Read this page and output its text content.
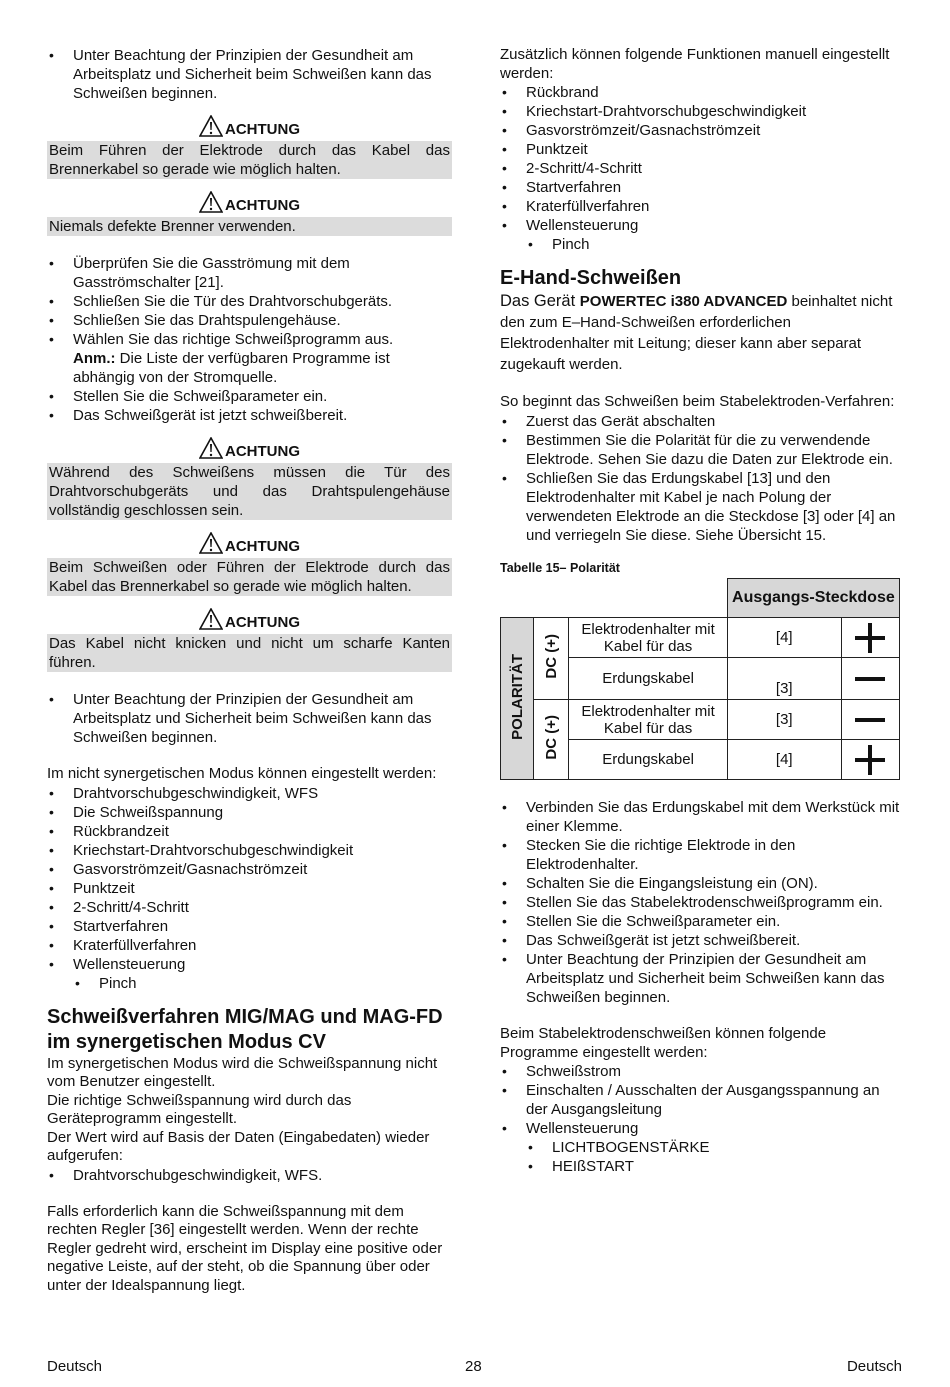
• Unter Beachtung der Prinzipien der Gesundheit am Arbeitsplatz und Sicherheit beim Schweißen kann das Schweißen beginnen.
ACHTUNG
Beim Führen der Elektrode durch das Kabel das Brennerkabel so gerade wie möglich halten.
ACHTUNG
Niemals defekte Brenner verwenden.
• Überprüfen Sie die Gasströmung mit dem Gasströmschalter [21].
• Schließen Sie die Tür des Drahtvorschubgeräts.
• Schließen Sie das Drahtspulengehäuse.
• Wählen Sie das richtige Schweißprogramm aus.
Anm.: Die Liste der verfügbaren Programme ist abhängig von der Stromquelle.
• Stellen Sie die Schweißparameter ein.
• Das Schweißgerät ist jetzt schweißbereit.
ACHTUNG
Während des Schweißens müssen die Tür des Drahtvorschubgeräts und das Drahtspulengehäuse vollständig geschlossen sein.
ACHTUNG
Beim Schweißen oder Führen der Elektrode durch das Kabel das Brennerkabel so gerade wie möglich halten.
ACHTUNG
Das Kabel nicht knicken und nicht um scharfe Kanten führen.
• Unter Beachtung der Prinzipien der Gesundheit am Arbeitsplatz und Sicherheit beim Schweißen kann das Schweißen beginnen.

Im nicht synergetischen Modus können eingestellt werden:

• Drahtvorschubgeschwindigkeit, WFS
• Die Schweißspannung
• Rückbrandzeit
• Kriechstart-Drahtvorschubgeschwindigkeit
• Gasvorströmzeit/Gasnachströmzeit
• Punktzeit
• 2-Schritt/4-Schritt
• Startverfahren
• Kraterfüllverfahren
• Wellensteuerung
• Pinch
Schweißverfahren MIG/MAG und MAG-FD im synergetischen Modus CV

Im synergetischen Modus wird die Schweißspannung nicht vom Benutzer eingestellt.

Die richtige Schweißspannung wird durch das Geräteprogramm eingestellt.

Der Wert wird auf Basis der Daten (Eingabedaten) wieder aufgerufen:

• Drahtvorschubgeschwindigkeit, WFS.

Falls erforderlich kann die Schweißspannung mit dem rechten Regler [36] eingestellt werden. Wenn der rechte Regler gedreht wird, erscheint im Display eine positive oder negative Leiste, auf der steht, ob die Spannung über oder unter der Idealspannung liegt.

Zusätzlich können folgende Funktionen manuell eingestellt werden:

• Rückbrand
• Kriechstart-Drahtvorschubgeschwindigkeit
• Gasvorströmzeit/Gasnachströmzeit
• Punktzeit
• 2-Schritt/4-Schritt
• Startverfahren
• Kraterfüllverfahren
• Wellensteuerung
• Pinch
E-Hand-Schweißen

Das Gerät POWERTEC i380 ADVANCED beinhaltet nicht den zum E–Hand-Schweißen erforderlichen Elektrodenhalter mit Leitung; dieser kann aber separat zugekauft werden.

So beginnt das Schweißen beim Stabelektroden-Verfahren:

• Zuerst das Gerät abschalten
• Bestimmen Sie die Polarität für die zu verwendende Elektrode. Sehen Sie dazu die Daten zur Elektrode ein.
• Schließen Sie das Erdungskabel [13] und den Elektrodenhalter mit Kabel je nach Polung der verwendeten Elektrode an die Steckdose [3] oder [4] an und verriegeln Sie diese. Siehe Übersicht 15.
Tabelle 15– Polarität
			Ausgangs-Steckdose	
POLARITÄT	DC (+)	Elektrodenhalter mit Kabel für das	[4]	

		Erdungskabel	[3]	

	DC (+)	Elektrodenhalter mit Kabel für das	[3]	

		Erdungskabel	[4]	
• Verbinden Sie das Erdungskabel mit dem Werkstück mit einer Klemme.
• Stecken Sie die richtige Elektrode in den Elektrodenhalter.
• Schalten Sie die Eingangsleistung ein (ON).
• Stellen Sie das Stabelektrodenschweißprogramm ein.
• Stellen Sie die Schweißparameter ein.
• Das Schweißgerät ist jetzt schweißbereit.
• Unter Beachtung der Prinzipien der Gesundheit am Arbeitsplatz und Sicherheit beim Schweißen kann das Schweißen beginnen.

Beim Stabelektrodenschweißen können folgende Programme eingestellt werden:

• Schweißstrom
• Einschalten / Ausschalten der Ausgangsspannung an der Ausgangsleitung
• Wellensteuerung
• LICHTBOGENSTÄRKE
• HEIßSTART
Deutsch	28	Deutsch
